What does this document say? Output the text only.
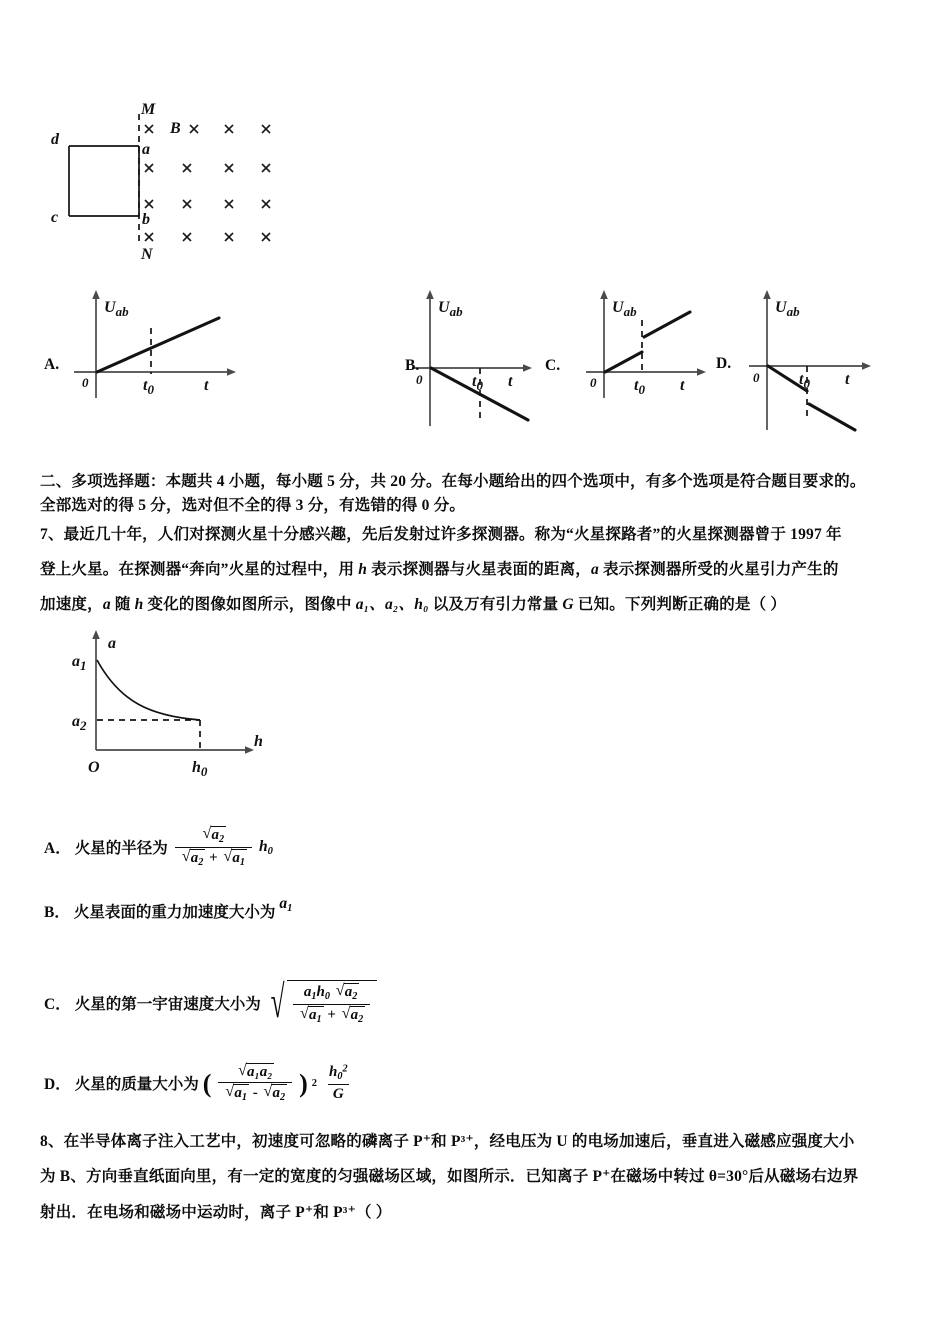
M
N
a
b
d
c
B
$U_{ab}$
0	$t_0$	t
A.
$U_{ab}$
0	$t_0$ t
B.
$U_{ab}$
0 $t_0$ t
C.
$U_{ab}$
0 $t_0$ t
D.
二、多项选择题：本题共 4 小题，每小题 5 分，共 20 分。在每小题给出的四个选项中，有多个选项是符合题目要求的。
全部选对的得 5 分，选对但不全的得 3 分，有选错的得 0 分。
7、最近几十年，人们对探测火星十分感兴趣，先后发射过许多探测器。称为“火星探路者”的火星探测器曾于 1997 年
登上火星。在探测器“奔向”火星的过程中，用 h 表示探测器与火星表面的距离，a 表示探测器所受的火星引力产生的
加速度，a 随 h 变化的图像如图所示，图像中 a₁、a₂、h₀ 以及万有引力常量 G 已知。下列判断正确的是（ ）
a
$a_1$
$a_2$
O	$h_0$
h
A． 火星的半径为 √ $a_2$
√ $a_2$ + √ $a_1$ $h_0$
B． 火星表面的重力加速度大小为
$a_1$
C． 火星的第一宇宙速度大小为 √ $a_1h_0$ √ $a_2$
√ $a_1$ + √ $a_2$
D． 火星的质量大小为 ( √ a₁a₂
√ $a_1$ - √ $a_2$ ) $2 \frac{h_0^2}{G}$
8、在半导体离子注入工艺中，初速度可忽略的磷离子 P⁺和 P³⁺，经电压为 U 的电场加速后，垂直进入磁感应强度大小
为 B、方向垂直纸面向里，有一定的宽度的匀强磁场区域，如图所示．已知离子 P⁺在磁场中转过 θ=30°后从磁场右边界
射出．在电场和磁场中运动时，离子 P⁺和 P³⁺（ ）
